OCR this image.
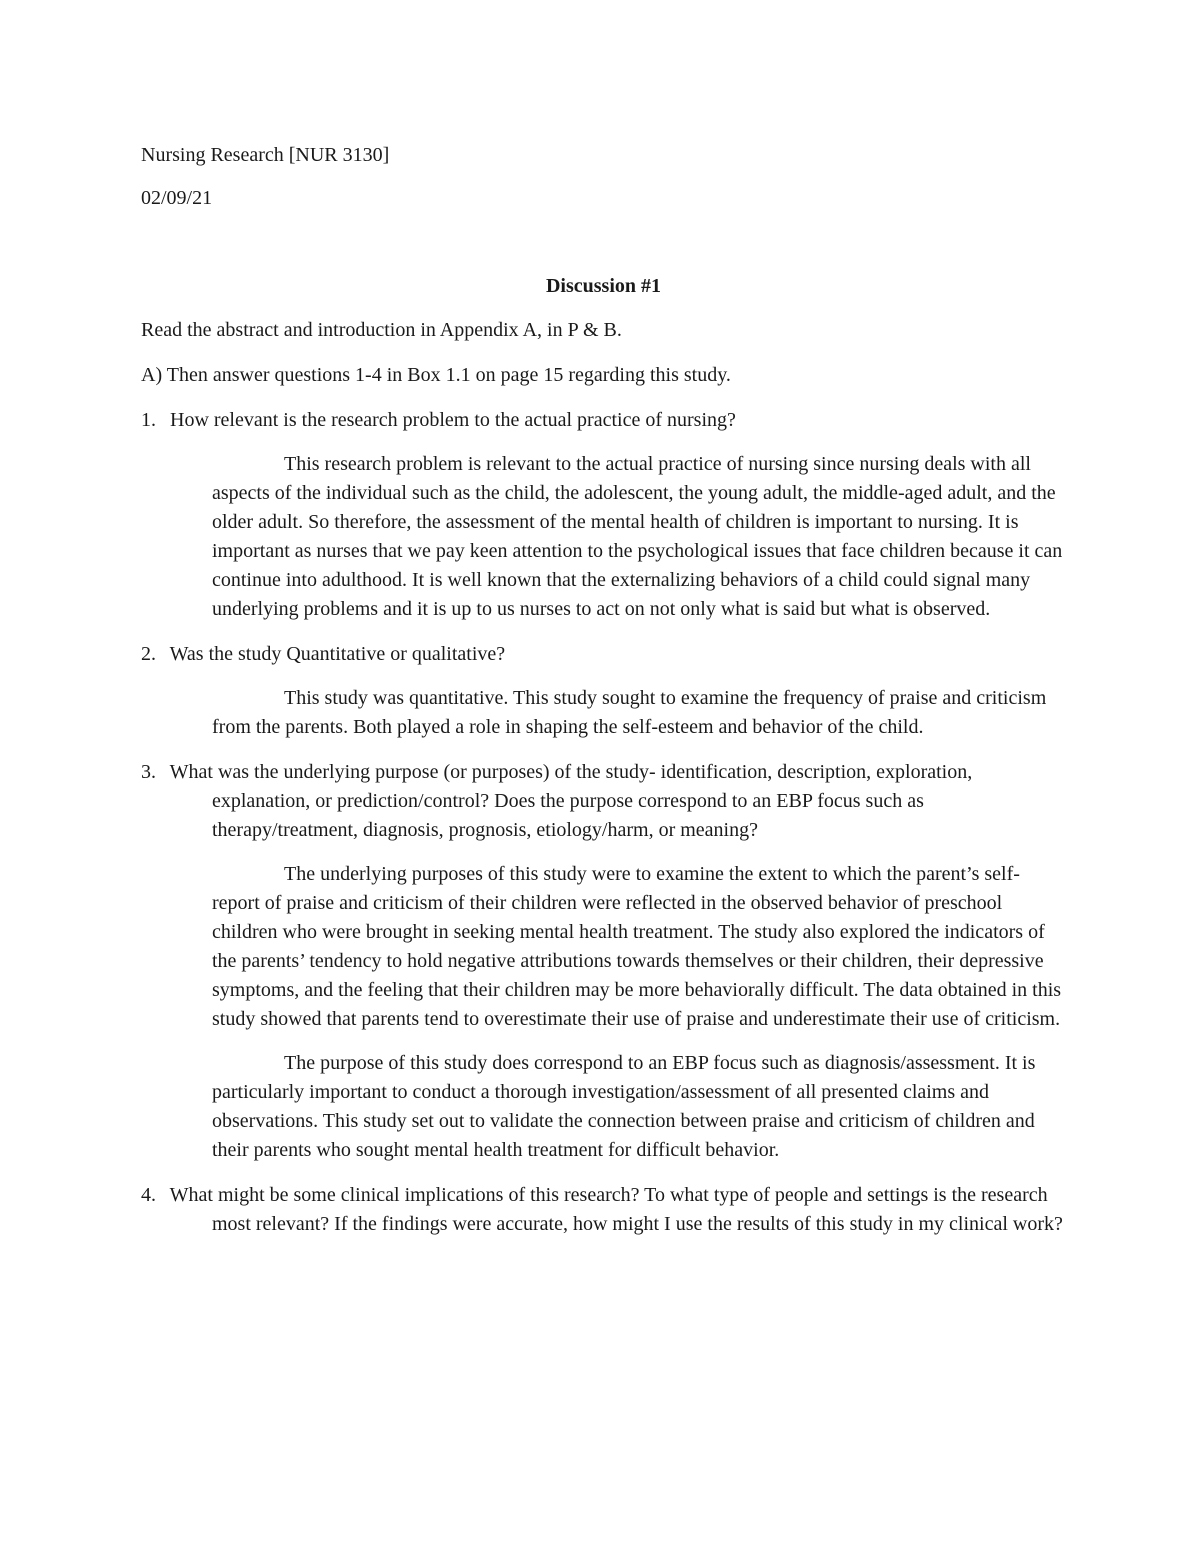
Nursing Research [NUR 3130]

02/09/21

Discussion #1

Read the abstract and introduction in Appendix A, in P & B.

A) Then answer questions 1-4 in Box 1.1 on page 15 regarding this study.

1. How relevant is the research problem to the actual practice of nursing?

This research problem is relevant to the actual practice of nursing since nursing deals with all aspects of the individual such as the child, the adolescent, the young adult, the middle-aged adult, and the older adult. So therefore, the assessment of the mental health of children is important to nursing. It is important as nurses that we pay keen attention to the psychological issues that face children because it can continue into adulthood. It is well known that the externalizing behaviors of a child could signal many underlying problems and it is up to us nurses to act on not only what is said but what is observed.

2. Was the study Quantitative or qualitative?

This study was quantitative. This study sought to examine the frequency of praise and criticism from the parents. Both played a role in shaping the self-esteem and behavior of the child.

3. What was the underlying purpose (or purposes) of the study- identification, description, exploration, explanation, or prediction/control? Does the purpose correspond to an EBP focus such as therapy/treatment, diagnosis, prognosis, etiology/harm, or meaning?

The underlying purposes of this study were to examine the extent to which the parent’s self-report of praise and criticism of their children were reflected in the observed behavior of preschool children who were brought in seeking mental health treatment. The study also explored the indicators of the parents’ tendency to hold negative attributions towards themselves or their children, their depressive symptoms, and the feeling that their children may be more behaviorally difficult. The data obtained in this study showed that parents tend to overestimate their use of praise and underestimate their use of criticism.

The purpose of this study does correspond to an EBP focus such as diagnosis/assessment. It is particularly important to conduct a thorough investigation/assessment of all presented claims and observations. This study set out to validate the connection between praise and criticism of children and their parents who sought mental health treatment for difficult behavior.

4. What might be some clinical implications of this research? To what type of people and settings is the research most relevant? If the findings were accurate, how might I use the results of this study in my clinical work?
